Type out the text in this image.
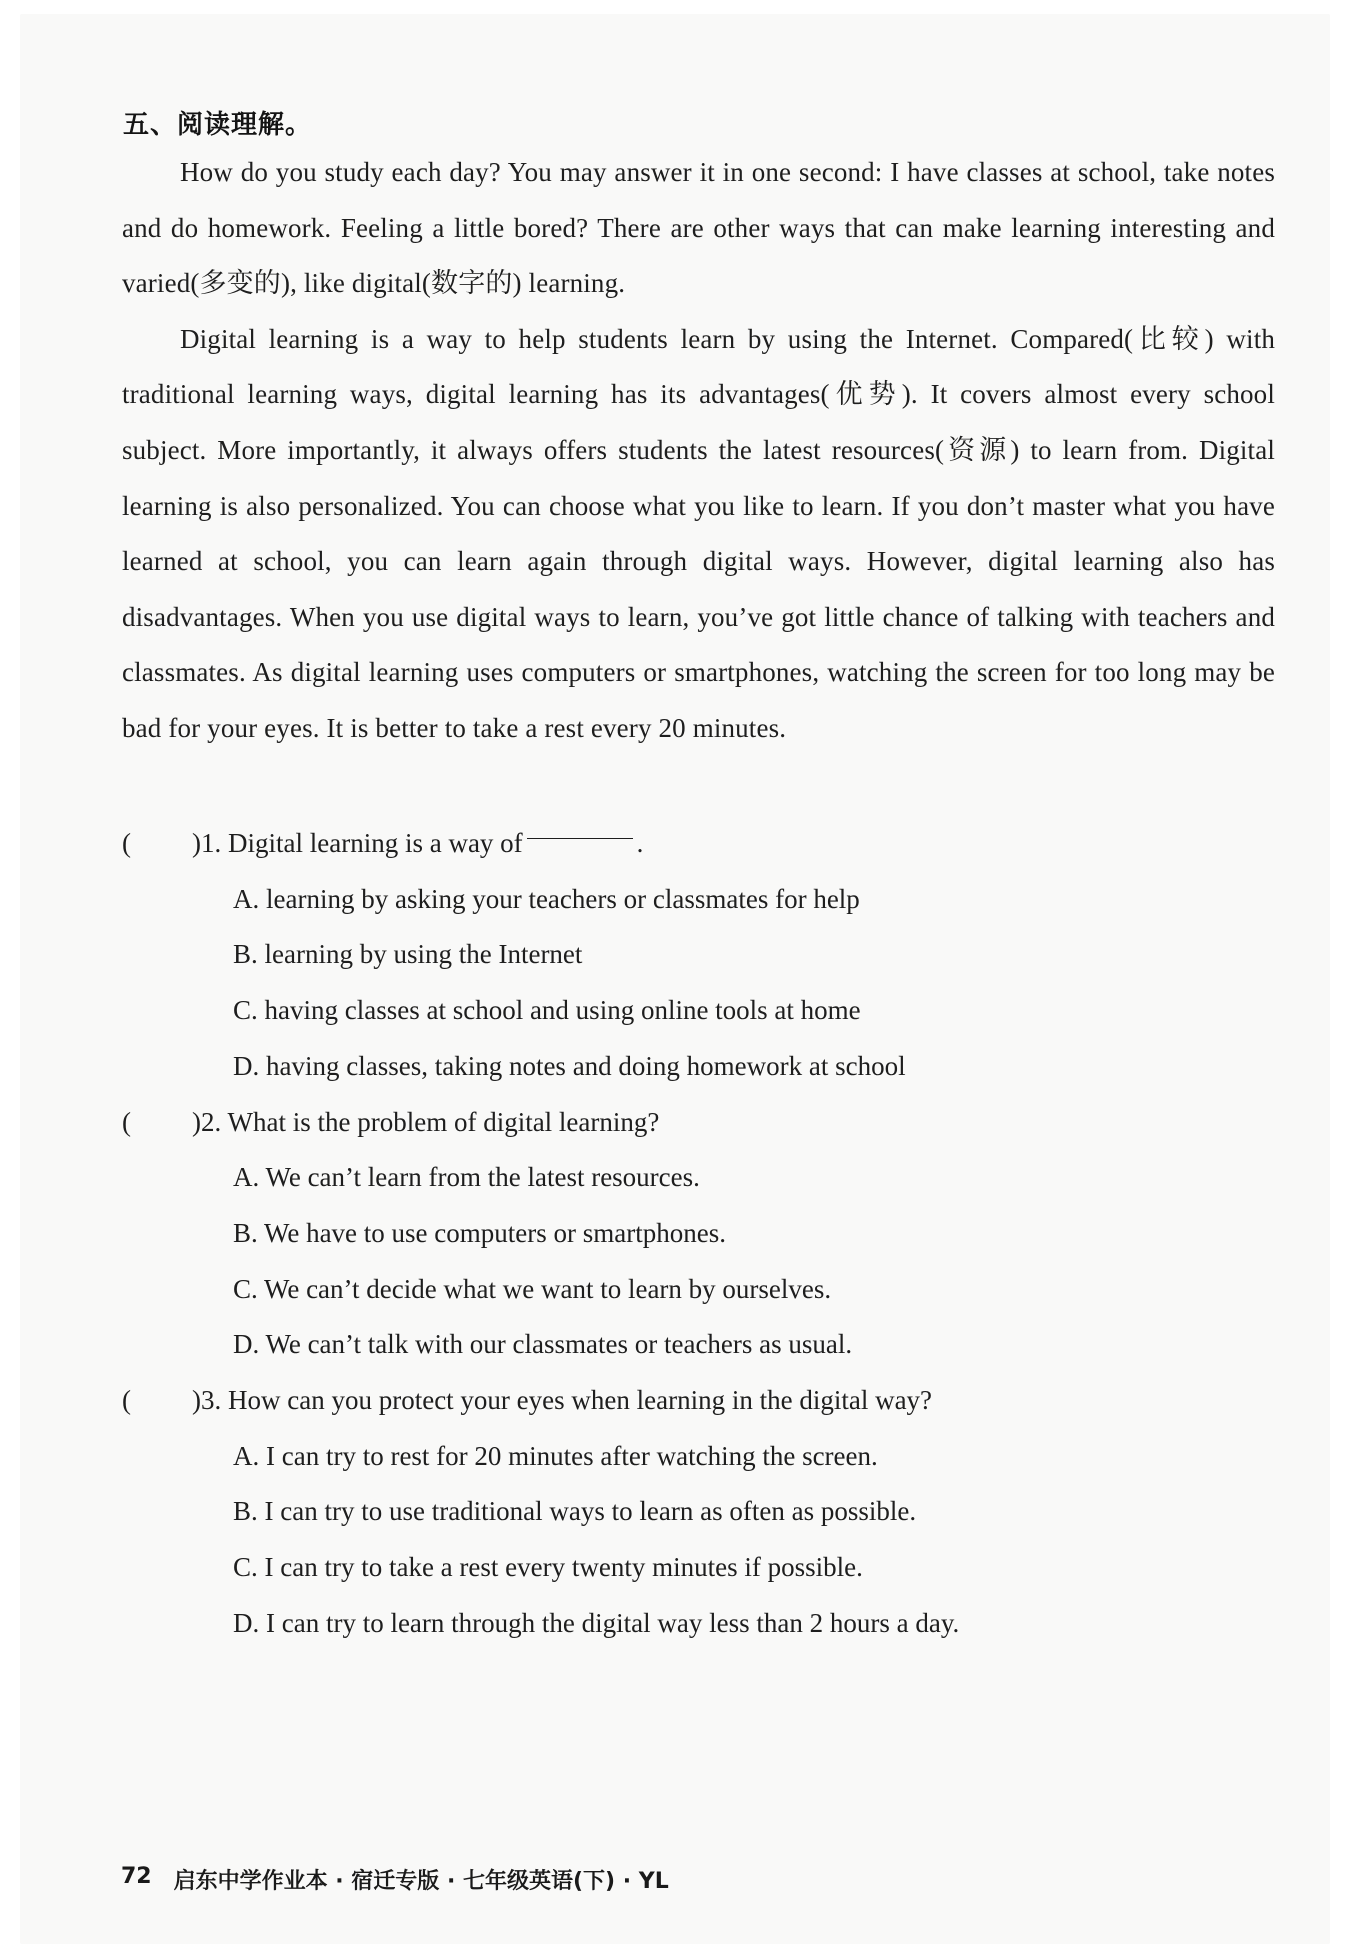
五、阅读理解。

How do you study each day? You may answer it in one second: I have classes at school, take notes and do homework. Feeling a little bored? There are other ways that can make learning interesting and varied(多变的), like digital(数字的) learning.

Digital learning is a way to help students learn by using the Internet. Compared(比较) with traditional learning ways, digital learning has its advantages(优势). It covers almost every school subject. More importantly, it always offers students the latest resources(资源) to learn from. Digital learning is also personalized. You can choose what you like to learn. If you don’t master what you have learned at school, you can learn again through digital ways. However, digital learning also has disadvantages. When you use digital ways to learn, you’ve got little chance of talking with teachers and classmates. As digital learning uses computers or smartphones, watching the screen for too long may be bad for your eyes. It is better to take a rest every 20 minutes.

(	) 1. Digital learning is a way of	.
A. learning by asking your teachers or classmates for help
B. learning by using the Internet
C. having classes at school and using online tools at home
D. having classes, taking notes and doing homework at school
(	) 2. What is the problem of digital learning?
A. We can’t learn from the latest resources.
B. We have to use computers or smartphones.
C. We can’t decide what we want to learn by ourselves.
D. We can’t talk with our classmates or teachers as usual.
(	) 3. How can you protect your eyes when learning in the digital way?
A. I can try to rest for 20 minutes after watching the screen.
B. I can try to use traditional ways to learn as often as possible.
C. I can try to take a rest every twenty minutes if possible.
D. I can try to learn through the digital way less than 2 hours a day.
72 启东中学作业本 · 宿迁专版 · 七年级英语(下) · YL
